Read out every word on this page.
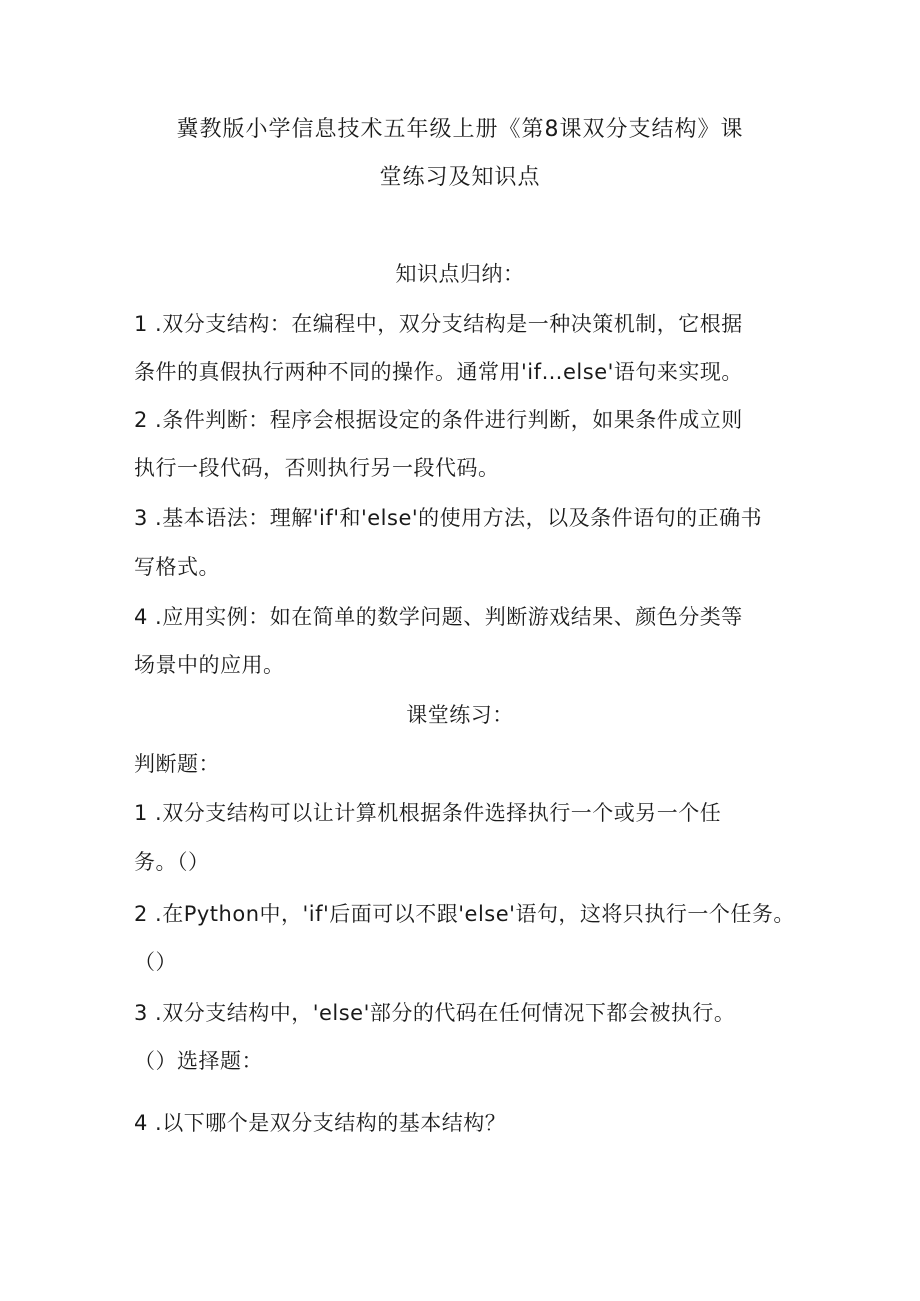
冀教版小学信息技术五年级上册《第8课双分支结构》课
堂练习及知识点
知识点归纳：
1 .双分支结构：在编程中，双分支结构是一种决策机制，它根据
条件的真假执行两种不同的操作。通常用'if…else'语句来实现。
2 .条件判断：程序会根据设定的条件进行判断，如果条件成立则
执行一段代码，否则执行另一段代码。
3 .基本语法：理解'if'和'else'的使用方法，以及条件语句的正确书
写格式。
4 .应用实例：如在简单的数学问题、判断游戏结果、颜色分类等
场景中的应用。
课堂练习：
判断题：
1 .双分支结构可以让计算机根据条件选择执行一个或另一个任
务。（）
2 .在Python中，'if'后面可以不跟'else'语句，这将只执行一个任务。
（）
3 .双分支结构中，'else'部分的代码在任何情况下都会被执行。
（）选择题：
4 .以下哪个是双分支结构的基本结构？
